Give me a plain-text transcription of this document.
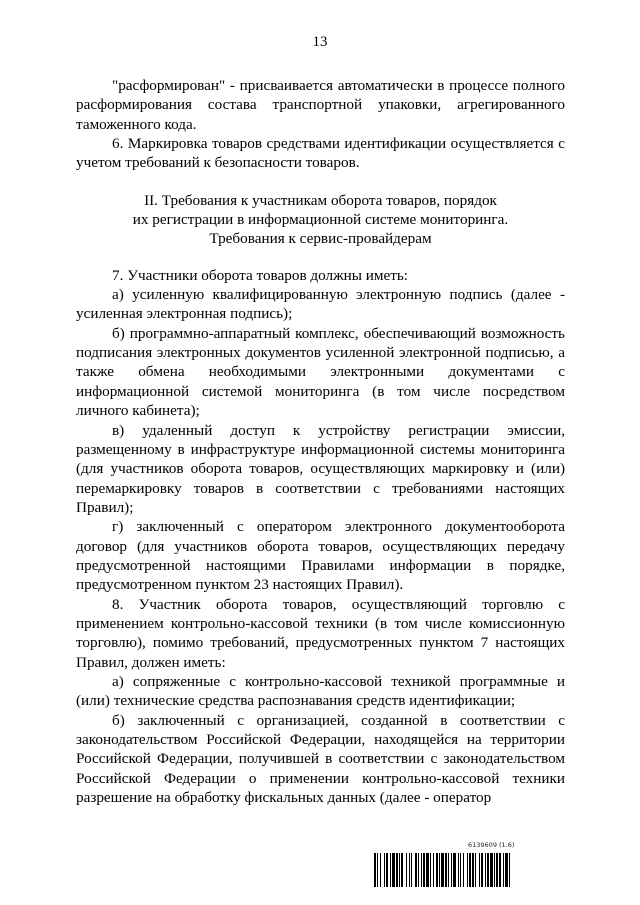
13

"расформирован" - присваивается автоматически в процессе полного расформирования состава транспортной упаковки, агрегированного таможенного кода.

6. Маркировка товаров средствами идентификации осуществляется с учетом требований к безопасности товаров.

II. Требования к участникам оборота товаров, порядок
их регистрации в информационной системе мониторинга.
Требования к сервис-провайдерам

7. Участники оборота товаров должны иметь:

а) усиленную квалифицированную электронную подпись (далее - усиленная электронная подпись);

б) программно-аппаратный комплекс, обеспечивающий возможность подписания электронных документов усиленной электронной подписью, а также обмена необходимыми электронными документами с информационной системой мониторинга (в том числе посредством личного кабинета);

в) удаленный доступ к устройству регистрации эмиссии, размещенному в инфраструктуре информационной системы мониторинга (для участников оборота товаров, осуществляющих маркировку и (или) перемаркировку товаров в соответствии с требованиями настоящих Правил);

г) заключенный с оператором электронного документооборота договор (для участников оборота товаров, осуществляющих передачу предусмотренной настоящими Правилами информации в порядке, предусмотренном пунктом 23 настоящих Правил).

8. Участник оборота товаров, осуществляющий торговлю с применением контрольно-кассовой техники (в том числе комиссионную торговлю), помимо требований, предусмотренных пунктом 7 настоящих Правил, должен иметь:

а) сопряженные с контрольно-кассовой техникой программные и (или) технические средства распознавания средств идентификации;

б) заключенный с организацией, созданной в соответствии с законодательством Российской Федерации, находящейся на территории Российской Федерации, получившей в соответствии с законодательством Российской Федерации о применении контрольно-кассовой техники разрешение на обработку фискальных данных (далее - оператор

6139609 (1.6)
